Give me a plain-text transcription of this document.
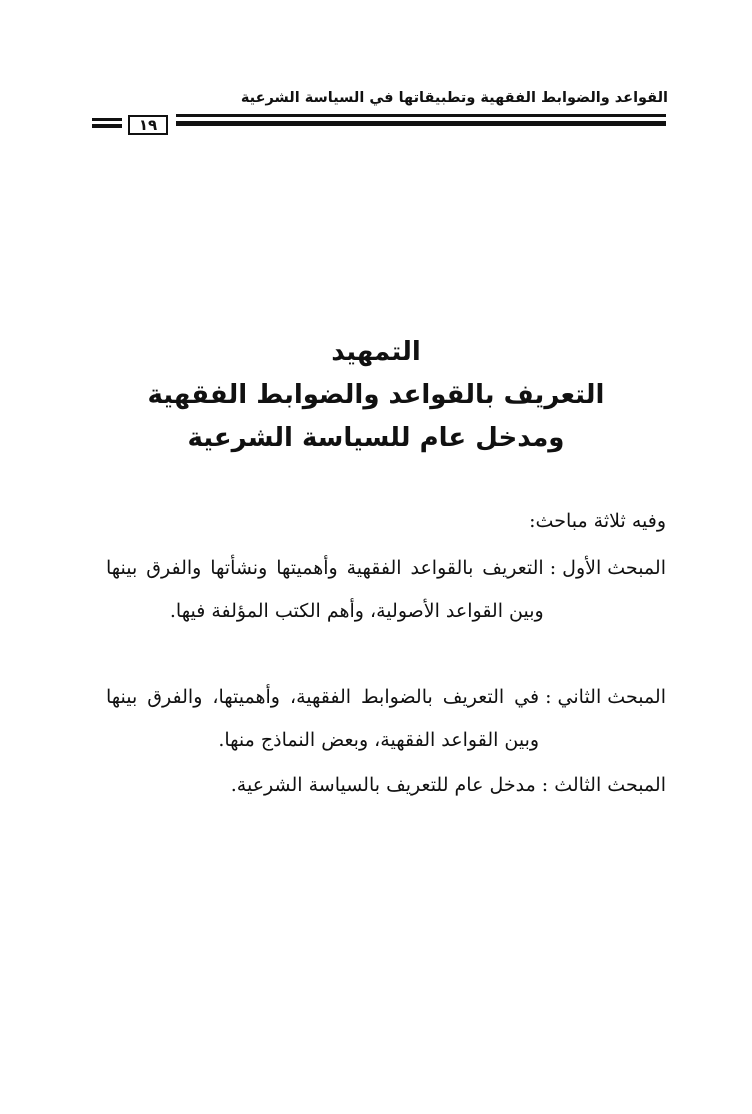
القواعد والضوابط الفقهية وتطبيقاتها في السياسة الشرعية
١٩
التمهيد
التعريف بالقواعد والضوابط الفقهية
ومدخل عام للسياسة الشرعية
وفيه ثلاثة مباحث:
المبحث الأول :
التعريف بالقواعد الفقهية وأهميتها ونشأتها والفرق بينها وبين القواعد الأصولية، وأهم الكتب المؤلفة فيها.
المبحث الثاني :
في التعريف بالضوابط الفقهية، وأهميتها، والفرق بينها وبين القواعد الفقهية، وبعض النماذج منها.
المبحث الثالث :
مدخل عام للتعريف بالسياسة الشرعية.
